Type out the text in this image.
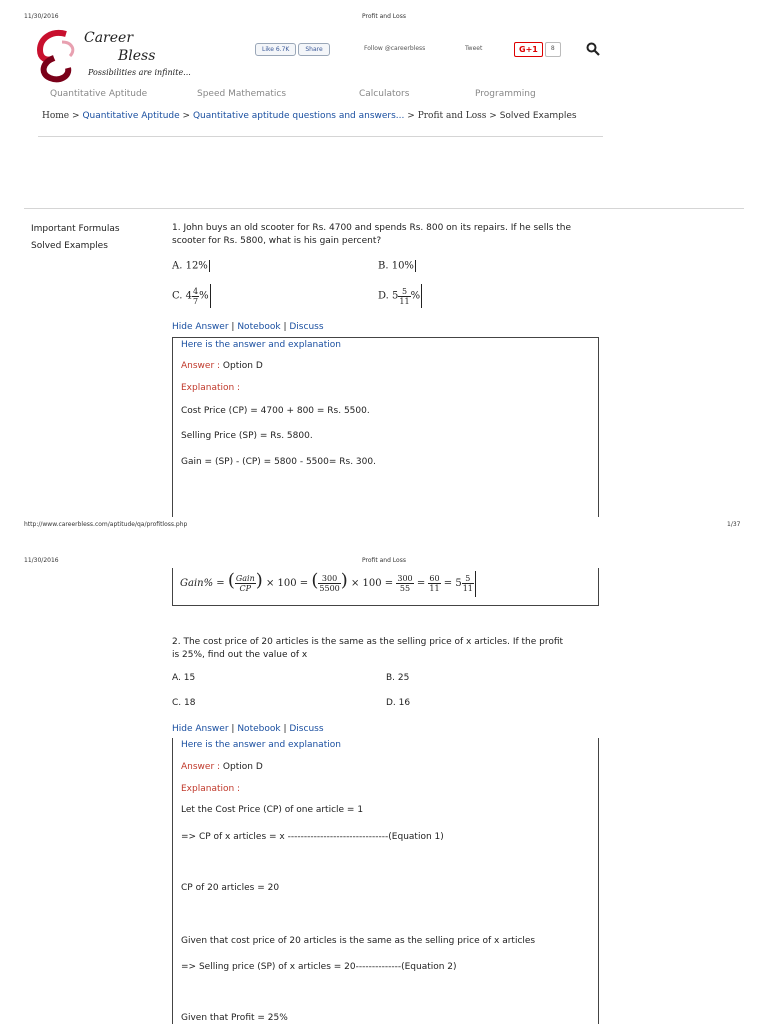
11/30/2016	Profit and Loss
Career
Bless
Possibilities are infinite...
Like 6.7K	Share	Follow @careerbless	Tweet	G+1	8
Quantitative Aptitude	Speed Mathematics	Calculators	Programming
Home > Quantitative Aptitude > Quantitative aptitude questions and answers... > Profit and Loss > Solved Examples
Important Formulas
Solved Examples
1. John buys an old scooter for Rs. 4700 and spends Rs. 800 on its repairs. If he sells the
scooter for Rs. 5800, what is his gain percent?
A. 12%	B. 10%
C. $4 \frac{4}{7}$ %	D. $5 \frac{5}{11}$ %
Hide Answer | Notebook | Discuss
Here is the answer and explanation
Answer : Option D
Explanation :
Cost Price (CP) = 4700 + 800 = Rs. 5500.
Selling Price (SP) = Rs. 5800.
Gain = (SP) - (CP) = 5800 - 5500= Rs. 300.
http://www.careerbless.com/aptitude/qa/profitloss.php	1/37
11/30/2016	Profit and Loss
Gain% = ( $\frac{\text{Gain}}{CP}$ ) × 100 = ( $\frac{300}{5500}$ ) × $100 = \frac{300}{55} = \frac{60}{11} = 5 \frac{5}{11}$
2. The cost price of 20 articles is the same as the selling price of x articles. If the profit
is 25%, find out the value of x
A. 15	B. 25
C. 18	D. 16
Hide Answer | Notebook | Discuss
Here is the answer and explanation
Answer : Option D
Explanation :
Let the Cost Price (CP) of one article = 1
=> CP of x articles = x -------------------------------(Equation 1)
CP of 20 articles = 20
Given that cost price of 20 articles is the same as the selling price of x articles
=> Selling price (SP) of x articles = 20--------------(Equation 2)
Given that Profit = 25%
